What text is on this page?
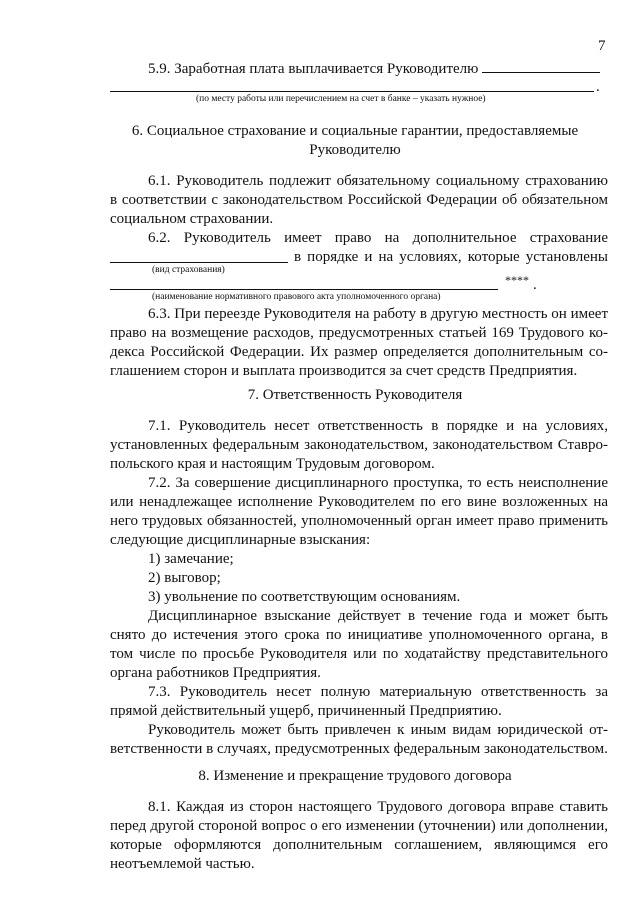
7
5.9. Заработная плата выплачивается Руководителю
.
(по месту работы или перечислением на счет в банке – указать нужное)
6. Социальное страхование и социальные гарантии, предоставляемые
Руководителю
6.1. Руководитель подлежит обязательному социальному страхованию
в соответствии с законодательством Российской Федерации об обязательном
социальном страховании.
6.2. Руководитель имеет право на дополнительное страхование
в порядке и на условиях, которые установлены
(вид страхования)
**** .
(наименование нормативного правового акта уполномоченного органа)
6.3. При переезде Руководителя на работу в другую местность он имеет
право на возмещение расходов, предусмотренных статьей 169 Трудового ко-
декса Российской Федерации. Их размер определяется дополнительным со-
глашением сторон и выплата производится за счет средств Предприятия.
7. Ответственность Руководителя
7.1. Руководитель несет ответственность в порядке и на условиях,
установленных федеральным законодательством, законодательством Ставро-
польского края и настоящим Трудовым договором.
7.2. За совершение дисциплинарного проступка, то есть неисполнение
или ненадлежащее исполнение Руководителем по его вине возложенных на
него трудовых обязанностей, уполномоченный орган имеет право применить
следующие дисциплинарные взыскания:
1) замечание;
2) выговор;
3) увольнение по соответствующим основаниям.
Дисциплинарное взыскание действует в течение года и может быть
снято до истечения этого срока по инициативе уполномоченного органа, в
том числе по просьбе Руководителя или по ходатайству представительного
органа работников Предприятия.
7.3. Руководитель несет полную материальную ответственность за
прямой действительный ущерб, причиненный Предприятию.
Руководитель может быть привлечен к иным видам юридической от-
ветственности в случаях, предусмотренных федеральным законодательством.
8. Изменение и прекращение трудового договора
8.1. Каждая из сторон настоящего Трудового договора вправе ставить
перед другой стороной вопрос о его изменении (уточнении) или дополнении,
которые оформляются дополнительным соглашением, являющимся его
неотъемлемой частью.
